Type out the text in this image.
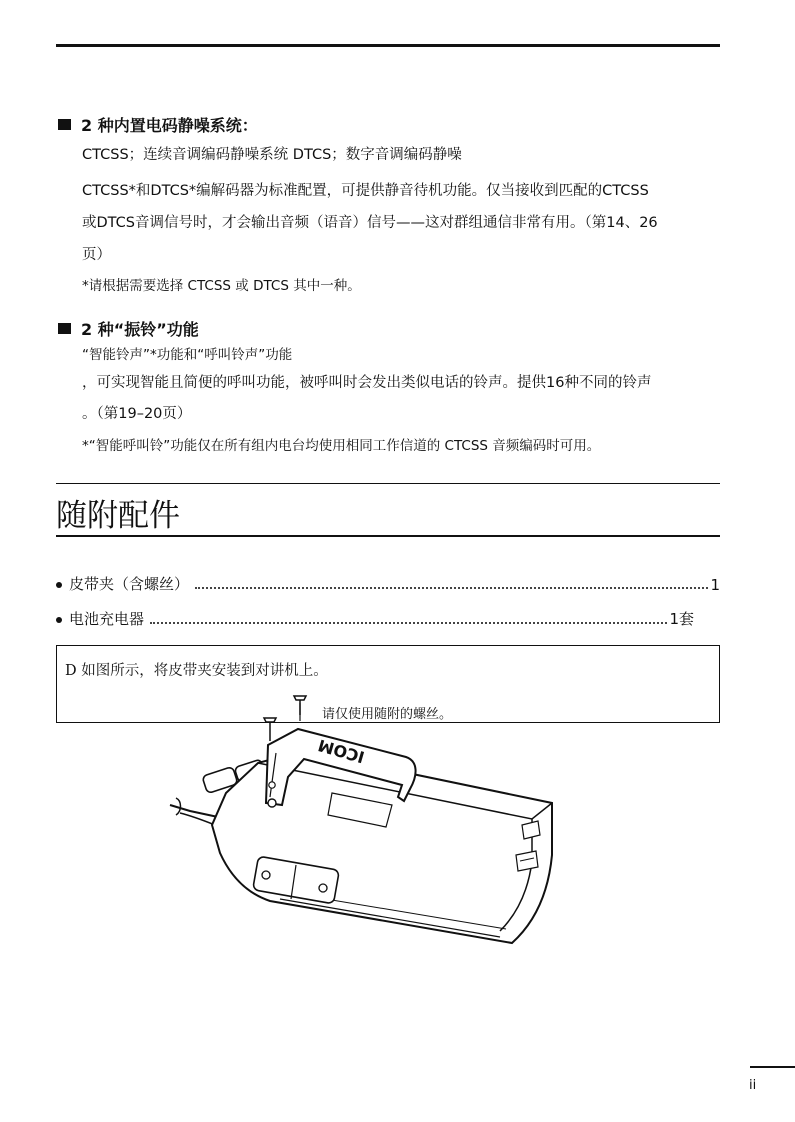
2 种内置电码静噪系统：
CTCSS；连续音调编码静噪系统 DTCS；数字音调编码静噪
CTCSS*和DTCS*编解码器为标准配置，可提供静音待机功能。仅当接收到匹配的CTCSS
或DTCS音调信号时，才会输出音频（语音）信号——这对群组通信非常有用。（第14、26
页）
*请根据需要选择 CTCSS 或 DTCS 其中一种。
2 种“振铃”功能
“智能铃声”*功能和“呼叫铃声”功能
，可实现智能且简便的呼叫功能，被呼叫时会发出类似电话的铃声。提供16种不同的铃声
。（第19–20页）
*“智能呼叫铃”功能仅在所有组内电台均使用相同工作信道的 CTCSS 音频编码时可用。
随附配件
皮带夹（含螺丝）	1
电池充电器	1套
D 如图所示，将皮带夹安装到对讲机上。
请仅使用随附的螺丝。
ICOM
ii
